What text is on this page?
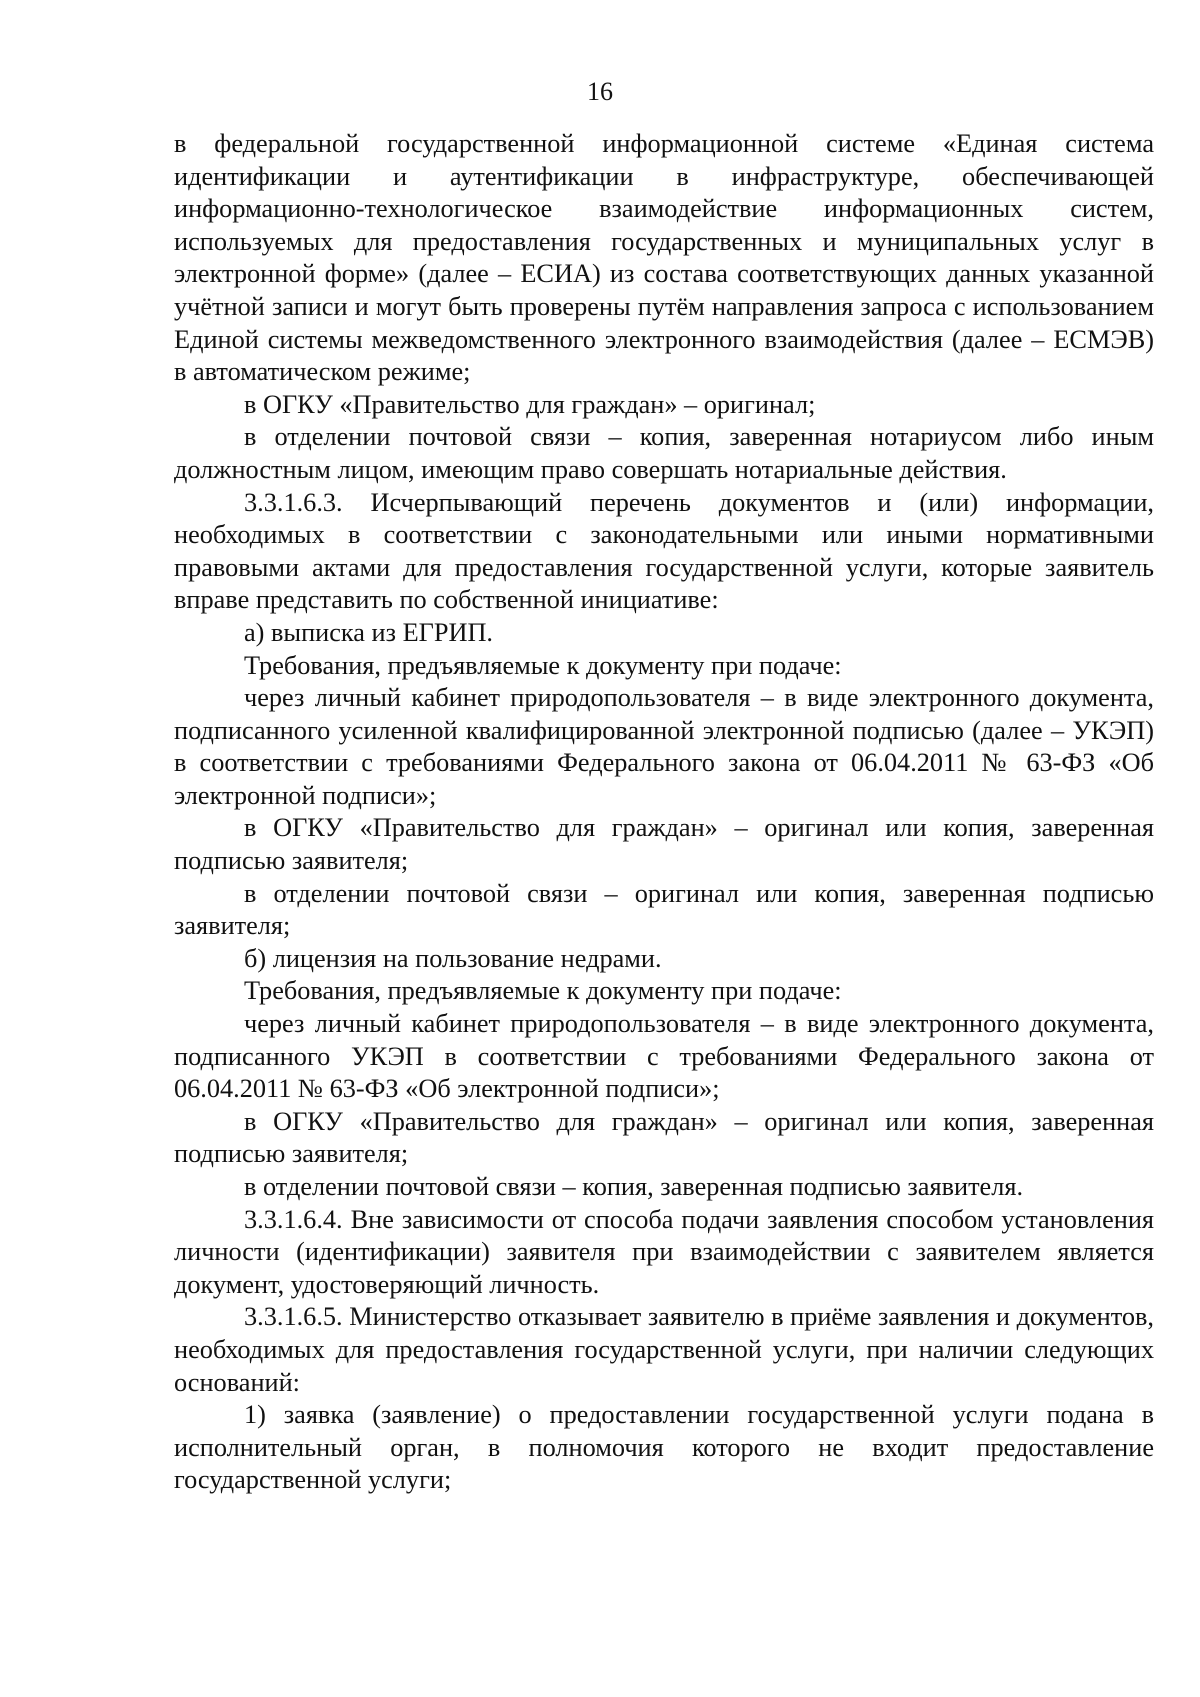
16

в федеральной государственной информационной системе «Единая система идентификации и аутентификации в инфраструктуре, обеспечивающей информационно-технологическое взаимодействие информационных систем, используемых для предоставления государственных и муниципальных услуг в электронной форме» (далее – ЕСИА) из состава соответствующих данных указанной учётной записи и могут быть проверены путём направления запроса с использованием Единой системы межведомственного электронного взаимодействия (далее – ЕСМЭВ) в автоматическом режиме;

в ОГКУ «Правительство для граждан» – оригинал;

в отделении почтовой связи – копия, заверенная нотариусом либо иным должностным лицом, имеющим право совершать нотариальные действия.

3.3.1.6.3. Исчерпывающий перечень документов и (или) информации, необходимых в соответствии с законодательными или иными нормативными правовыми актами для предоставления государственной услуги, которые заявитель вправе представить по собственной инициативе:

а) выписка из ЕГРИП.

Требования, предъявляемые к документу при подаче:

через личный кабинет природопользователя – в виде электронного документа, подписанного усиленной квалифицированной электронной подписью (далее – УКЭП) в соответствии с требованиями Федерального закона от 06.04.2011 № 63-ФЗ «Об электронной подписи»;

в ОГКУ «Правительство для граждан» – оригинал или копия, заверенная подписью заявителя;

в отделении почтовой связи – оригинал или копия, заверенная подписью заявителя;

б) лицензия на пользование недрами.

Требования, предъявляемые к документу при подаче:

через личный кабинет природопользователя – в виде электронного документа, подписанного УКЭП в соответствии с требованиями Федерального закона от 06.04.2011 № 63-ФЗ «Об электронной подписи»;

в ОГКУ «Правительство для граждан» – оригинал или копия, заверенная подписью заявителя;

в отделении почтовой связи – копия, заверенная подписью заявителя.

3.3.1.6.4. Вне зависимости от способа подачи заявления способом установления личности (идентификации) заявителя при взаимодействии с заявителем является документ, удостоверяющий личность.

3.3.1.6.5. Министерство отказывает заявителю в приёме заявления и документов, необходимых для предоставления государственной услуги, при наличии следующих оснований:

1) заявка (заявление) о предоставлении государственной услуги подана в исполнительный орган, в полномочия которого не входит предоставление государственной услуги;
